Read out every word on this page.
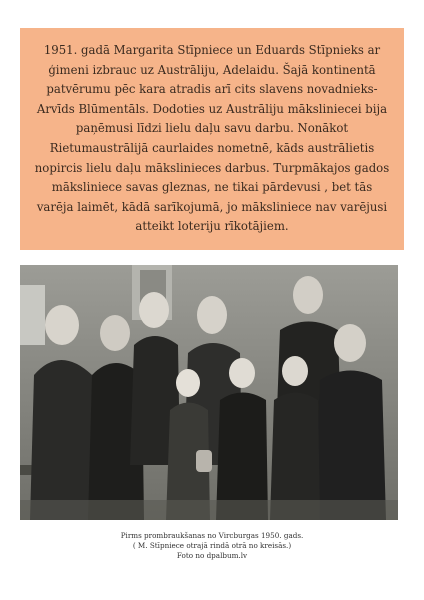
1951. gadā Margarita Stīpniece un Eduards Stīpnieks ar ģimeni izbrauc uz Austrāliju, Adelaidu. Šajā kontinentā patvērumu pēc kara atradis arī cits slavens novadnieks- Arvīds Blūmentāls. Dodoties uz Austrāliju māksliniecei bija paņēmusi līdzi lielu daļu savu darbu. Nonākot Rietumaustrālijā caurlaides nometnē, kāds austrālietis nopircis lielu daļu mākslinieces darbus. Turpmākajos gados māksliniece savas gleznas, ne tikai pārdevusi , bet tās varēja laimēt, kādā sarīkojumā, jo māksliniece nav varējusi atteikt loteriju rīkotājiem.

Pirms prombraukšanas no Vircburgas 1950. gads.
( M. Stīpniece otrajā rindā otrā no kreisās.)
Foto no dpalbum.lv
